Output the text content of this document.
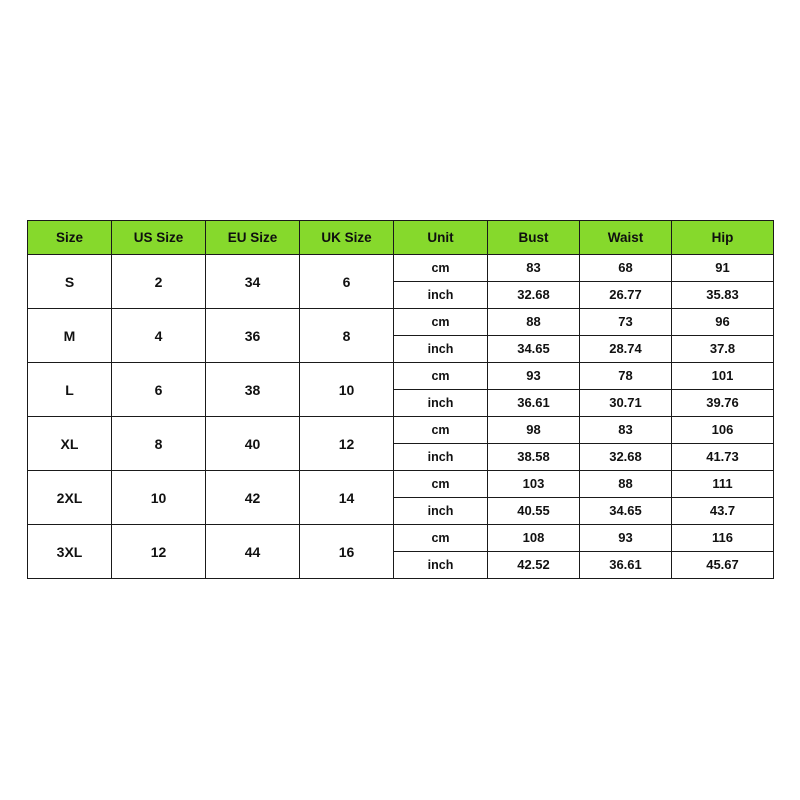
Size	US Size	EU Size	UK Size	Unit	Bust	Waist	Hip
S	2	34	6	cm	83	68	91
				inch	32.68	26.77	35.83
M	4	36	8	cm	88	73	96
				inch	34.65	28.74	37.8
L	6	38	10	cm	93	78	101
				inch	36.61	30.71	39.76
XL	8	40	12	cm	98	83	106
				inch	38.58	32.68	41.73
2XL	10	42	14	cm	103	88	111
				inch	40.55	34.65	43.7
3XL	12	44	16	cm	108	93	116
				inch	42.52	36.61	45.67
